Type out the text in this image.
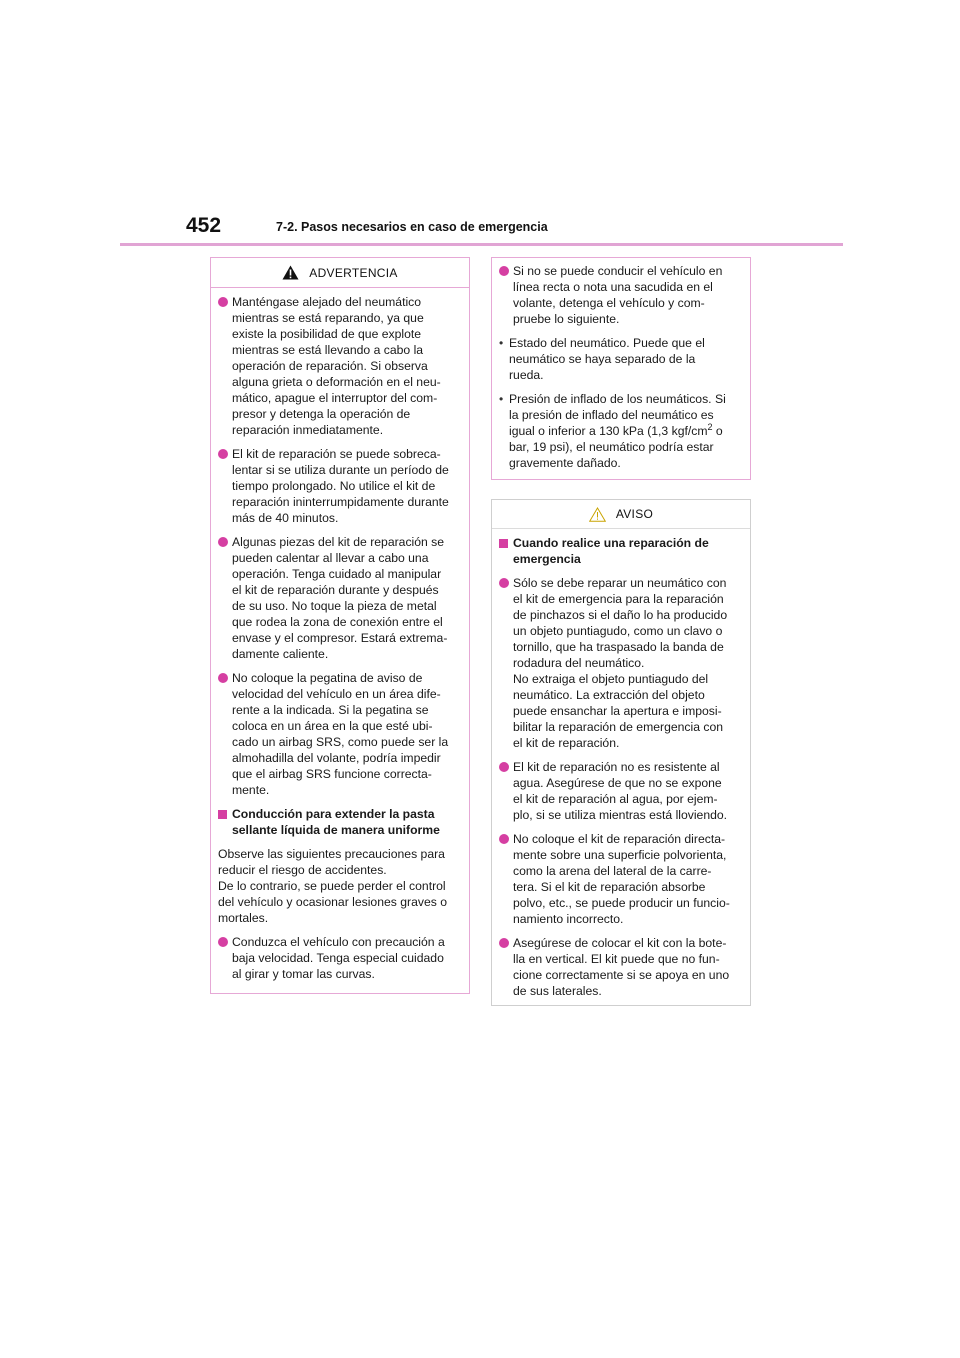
452	7-2. Pasos necesarios en caso de emergencia
ADVERTENCIA
Manténgase alejado del neumático
mientras se está reparando, ya que
existe la posibilidad de que explote
mientras se está llevando a cabo la
operación de reparación. Si observa
alguna grieta o deformación en el neu-
mático, apague el interruptor del com-
presor y detenga la operación de
reparación inmediatamente.
El kit de reparación se puede sobreca-
lentar si se utiliza durante un período de
tiempo prolongado. No utilice el kit de
reparación ininterrumpidamente durante
más de 40 minutos.
Algunas piezas del kit de reparación se
pueden calentar al llevar a cabo una
operación. Tenga cuidado al manipular
el kit de reparación durante y después
de su uso. No toque la pieza de metal
que rodea la zona de conexión entre el
envase y el compresor. Estará extrema-
damente caliente.
No coloque la pegatina de aviso de
velocidad del vehículo en un área dife-
rente a la indicada. Si la pegatina se
coloca en un área en la que esté ubi-
cado un airbag SRS, como puede ser la
almohadilla del volante, podría impedir
que el airbag SRS funcione correcta-
mente.
Conducción para extender la pasta
sellante líquida de manera uniforme
Observe las siguientes precauciones para
reducir el riesgo de accidentes.
De lo contrario, se puede perder el control
del vehículo y ocasionar lesiones graves o
mortales.
Conduzca el vehículo con precaución a
baja velocidad. Tenga especial cuidado
al girar y tomar las curvas.
Si no se puede conducir el vehículo en
línea recta o nota una sacudida en el
volante, detenga el vehículo y com-
pruebe lo siguiente.
• Estado del neumático. Puede que el
neumático se haya separado de la
rueda.
• Presión de inflado de los neumáticos. Si
la presión de inflado del neumático es
igual o inferior a 130 kPa (1,3 kgf/$cm^2$ o
bar, 19 psi), el neumático podría estar
gravemente dañado.
AVISO
Cuando realice una reparación de
emergencia
Sólo se debe reparar un neumático con
el kit de emergencia para la reparación
de pinchazos si el daño lo ha producido
un objeto puntiagudo, como un clavo o
tornillo, que ha traspasado la banda de
rodadura del neumático.
No extraiga el objeto puntiagudo del
neumático. La extracción del objeto
puede ensanchar la apertura e imposi-
bilitar la reparación de emergencia con
el kit de reparación.
El kit de reparación no es resistente al
agua. Asegúrese de que no se expone
el kit de reparación al agua, por ejem-
plo, si se utiliza mientras está lloviendo.
No coloque el kit de reparación directa-
mente sobre una superficie polvorienta,
como la arena del lateral de la carre-
tera. Si el kit de reparación absorbe
polvo, etc., se puede producir un funcio-
namiento incorrecto.
Asegúrese de colocar el kit con la bote-
lla en vertical. El kit puede que no fun-
cione correctamente si se apoya en uno
de sus laterales.
